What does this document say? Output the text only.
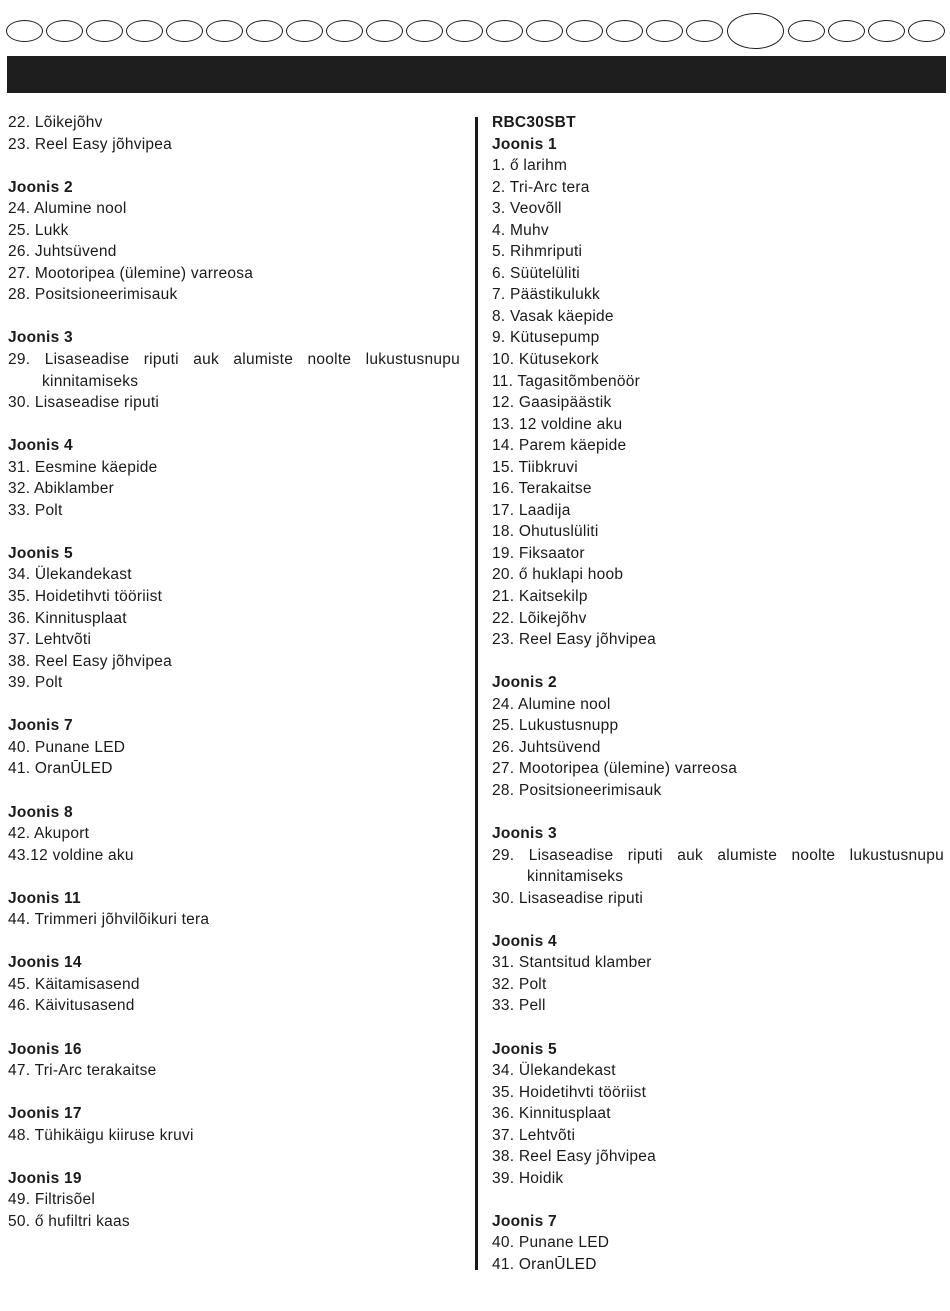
22. Lõikejõhv
23. Reel Easy jõhvipea
Joonis 2
24. Alumine nool
25. Lukk
26. Juhtsüvend
27. Mootoripea (ülemine) varreosa
28. Positsioneerimisauk
Joonis 3
29. Lisaseadise riputi auk alumiste noolte lukustusnupu kinnitamiseks
30. Lisaseadise riputi
Joonis 4
31. Eesmine käepide
32. Abiklamber
33. Polt
Joonis 5
34. Ülekandekast
35. Hoidetihvti tööriist
36. Kinnitusplaat
37. Lehtvõti
38. Reel Easy jõhvipea
39. Polt
Joonis 7
40. Punane LED
41. OranŪLED
Joonis 8
42. Akuport
43.12 voldine aku
Joonis 11
44. Trimmeri jõhvilõikuri tera
Joonis 14
45. Käitamisasend
46. Käivitusasend
Joonis 16
47. Tri-Arc terakaitse
Joonis 17
48. Tühikäigu kiiruse kruvi
Joonis 19
49. Filtrisõel
50. ő hufiltri kaas
RBC30SBT
Joonis 1
1. ő larihm
2. Tri-Arc tera
3. Veovõll
4. Muhv
5. Rihmriputi
6. Süütelüliti
7. Päästikulukk
8. Vasak käepide
9. Kütusepump
10. Kütusekork
11. Tagasitõmbenöör
12. Gaasipäästik
13. 12 voldine aku
14. Parem käepide
15. Tiibkruvi
16. Terakaitse
17. Laadija
18. Ohutuslüliti
19. Fiksaator
20. ő huklapi hoob
21. Kaitsekilp
22. Lõikejõhv
23. Reel Easy jõhvipea
Joonis 2
24. Alumine nool
25. Lukustusnupp
26. Juhtsüvend
27. Mootoripea (ülemine) varreosa
28. Positsioneerimisauk
Joonis 3
29. Lisaseadise riputi auk alumiste noolte lukustusnupu kinnitamiseks
30. Lisaseadise riputi
Joonis 4
31. Stantsitud klamber
32. Polt
33. Pell
Joonis 5
34. Ülekandekast
35. Hoidetihvti tööriist
36. Kinnitusplaat
37. Lehtvõti
38. Reel Easy jõhvipea
39. Hoidik
Joonis 7
40. Punane LED
41. OranŪLED
